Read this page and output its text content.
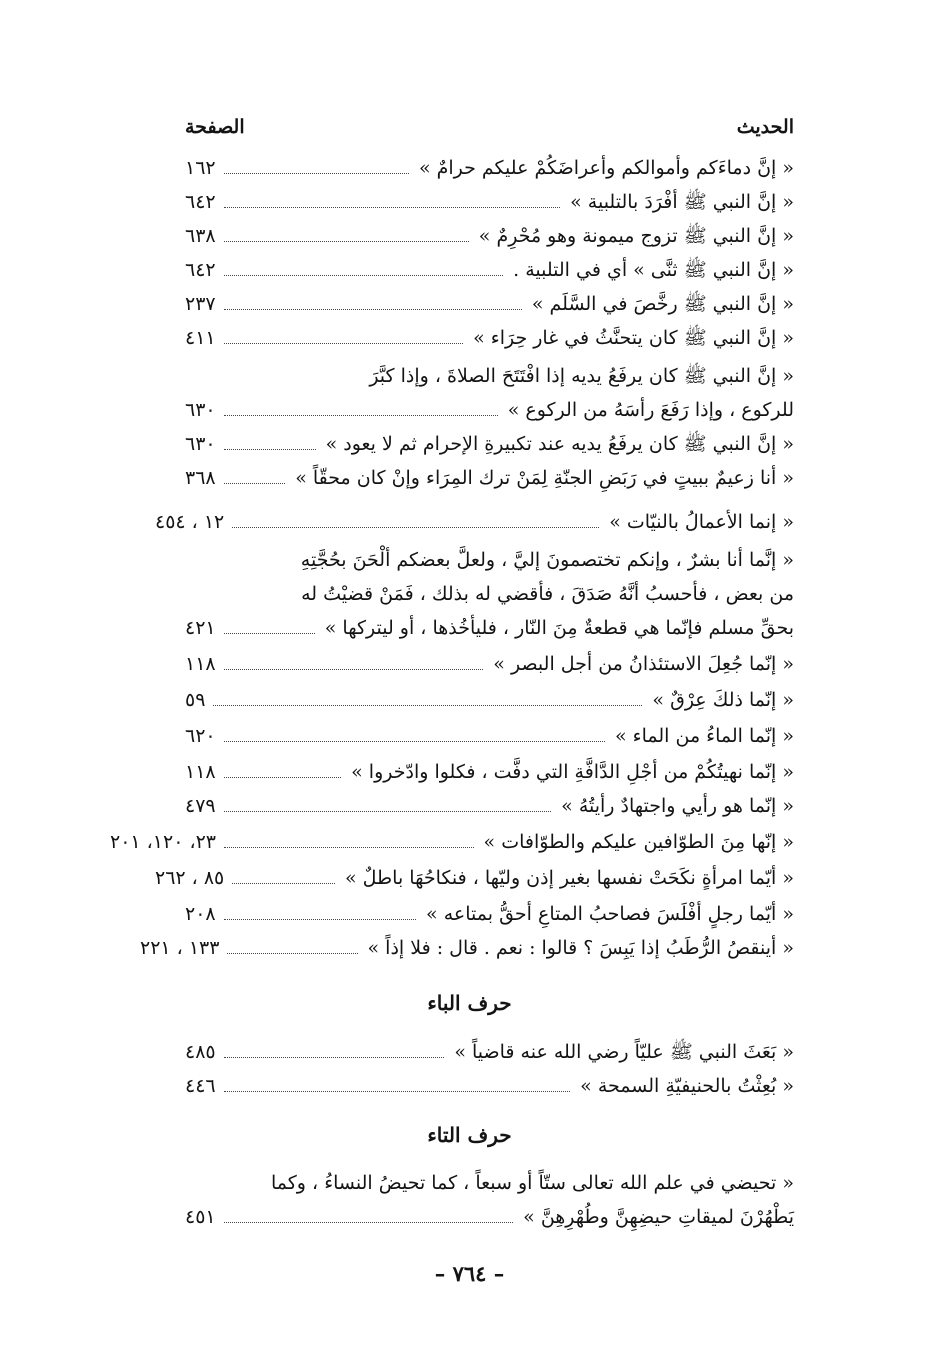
الحديث
الصفحة
« إنَّ دماءَكم وأموالكم وأعراضَكُمْ عليكم حرامٌ »
١٦٢
« إنَّ النبي ﷺ أفْرَدَ بالتلبية »
٦٤٢
« إنَّ النبي ﷺ تزوج ميمونة وهو مُحْرِمٌ »
٦٣٨
« إنَّ النبي ﷺ ثنَّى » أي في التلبية .
٦٤٢
« إنَّ النبي ﷺ رخَّصَ في السَّلَم »
٢٣٧
« إنَّ النبي ﷺ كان يتحنَّثُ في غار حِرَاء »
٤١١
« إنَّ النبي ﷺ كان يرفَعُ يديه إذا افْتَتَحَ الصلاةَ ، وإذا كبَّرَ
للركوع ، وإذا رَفَعَ رأسَهُ من الركوع »
٦٣٠
« إنَّ النبي ﷺ كان يرفَعُ يديه عند تكبيرةِ الإحرام ثم لا يعود »
٦٣٠
« أنا زعيمٌ ببيتٍ في رَبَضِ الجنّةِ لِمَنْ ترك المِرَاء وإنْ كان محقّاً »
٣٦٨
« إنما الأعمالُ بالنيّات »
١٢ ، ٤٥٤
« إنَّما أنا بشرٌ ، وإنكم تختصمونَ إليَّ ، ولعلَّ بعضكم ألْحَنَ بحُجَّتِهِ
من بعض ، فأحسبُ أنَّهُ صَدَقَ ، فأقضي له بذلك ، فَمَنْ قضيْتُ له
بحقِّ مسلم فإنّما هي قطعةٌ مِنَ النّار ، فليأخُذها ، أو ليتركها »
٤٢١
« إنّما جُعِلَ الاستئذانُ من أجل البصر »
١١٨
« إنّما ذلكَ عِرْقٌ »
٥٩
« إنّما الماءُ من الماء »
٦٢٠
« إنّما نهيتُكُمْ من أجْلِ الدَّافَّةِ التي دفَّت ، فكلوا وادّخروا »
١١٨
« إنّما هو رأيي واجتهادٌ رأيتُهُ »
٤٧٩
« إنّها مِنَ الطوّافين عليكم والطوّافات »
٢٣، ١٢٠، ٢٠١
« أيّما امرأةٍ نكَحَتْ نفسها بغير إذن وليّها ، فنكاحُهَا باطلٌ »
٨٥ ، ٢٦٢
« أيّما رجلٍ أفْلَسَ فصاحبُ المتاعِ أحقُّ بمتاعه »
٢٠٨
« أينقصُ الرُّطَبُ إذا يَبِسَ ؟ قالوا : نعم . قال : فلا إذاً »
١٣٣ ، ٢٢١
حرف الباء
« بَعَثَ النبي ﷺ عليّاً رضي الله عنه قاضياً »
٤٨٥
« بُعِثْتُ بالحنيفيّةِ السمحة »
٤٤٦
حرف التاء
« تحيضي في علم الله تعالى ستّاً أو سبعاً ، كما تحيضُ النساءُ ، وكما
يَطْهُرْنَ لميقاتِ حيضِهِنَّ وطُهْرِهِنَّ »
٤٥١
– ٧٦٤ –
